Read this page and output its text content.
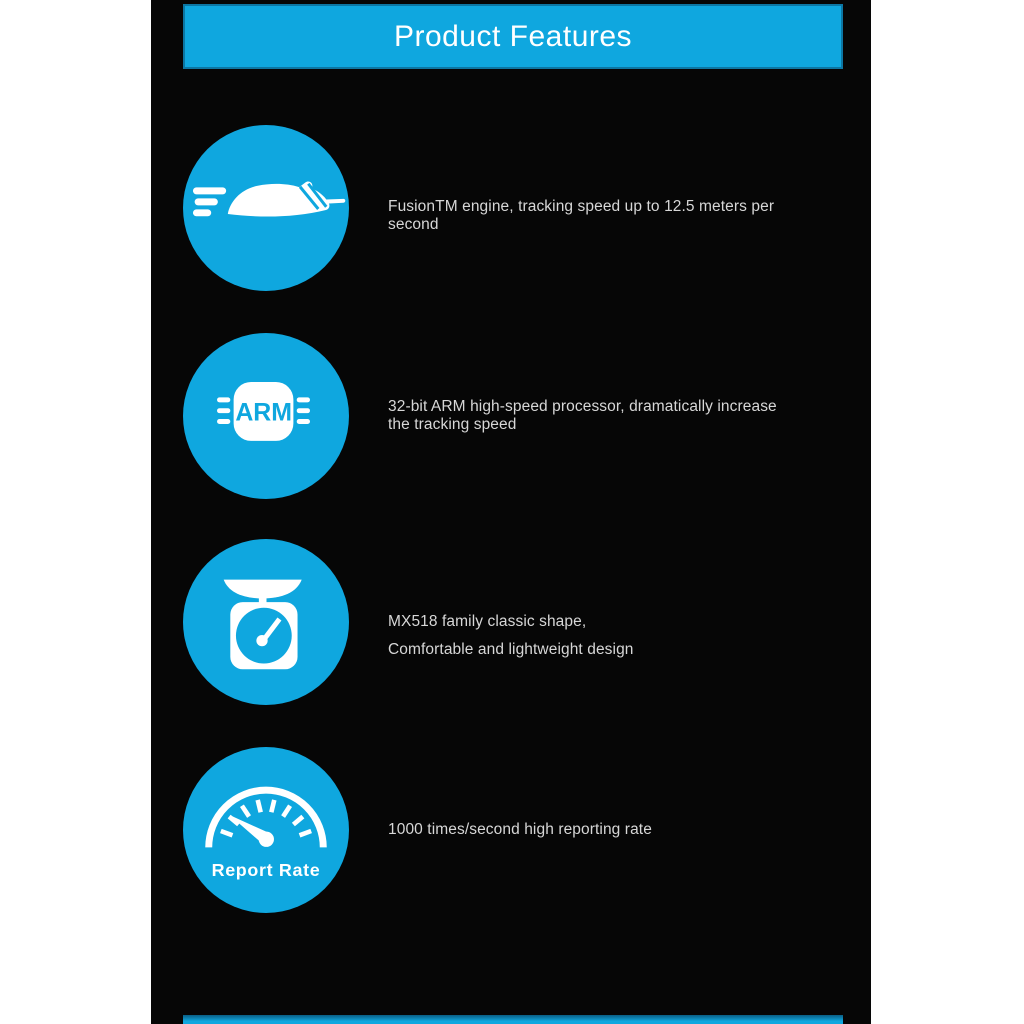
Product Features
FusionTM engine, tracking speed up to 12.5 meters per
second
ARM	32-bit ARM high-speed processor, dramatically increase
the tracking speed
MX518 family classic shape,
Comfortable and lightweight design
Report Rate
1000 times/second high reporting rate
